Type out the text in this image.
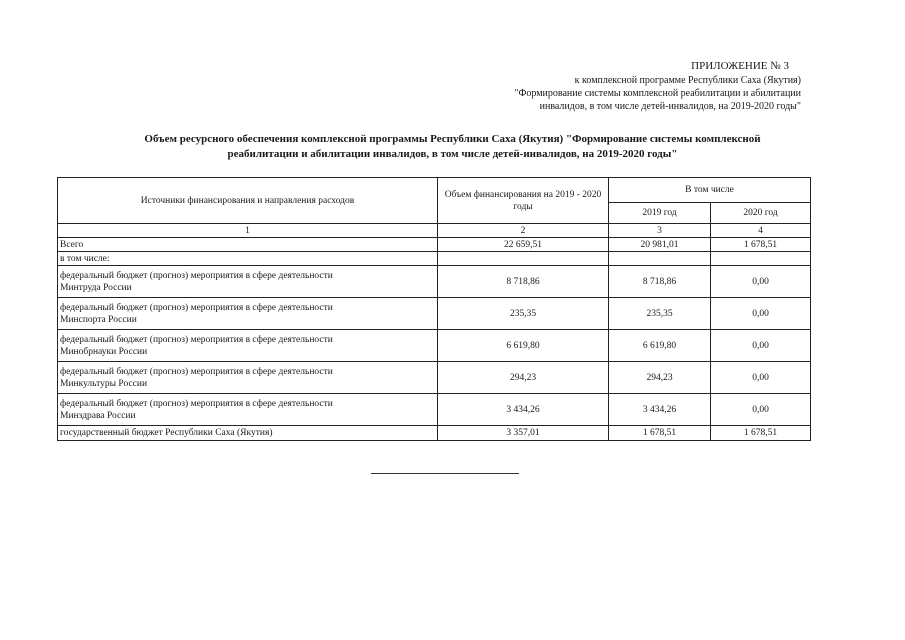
ПРИЛОЖЕНИЕ № 3
к комплексной программе Республики Саха (Якутия)
"Формирование системы комплексной реабилитации и абилитации
инвалидов, в том числе детей-инвалидов, на 2019-2020 годы"
Объем ресурсного обеспечения комплексной программы Республики Саха (Якутия) "Формирование системы комплексной
реабилитации и абилитации инвалидов, в том числе детей-инвалидов, на 2019-2020 годы"
Источники финансирования и направления расходов	Объем финансирования на 2019 - 2020 годы	В том числе	
		2019 год	2020 год
1	2	3	4
Всего	22 659,51	20 981,01	1 678,51
в том числе:			

федеральный бюджет (прогноз) мероприятия в сфере деятельности
Минтруда России	8 718,86	8 718,86	0,00

федеральный бюджет (прогноз) мероприятия в сфере деятельности
Минспорта России	235,35	235,35	0,00

федеральный бюджет (прогноз) мероприятия в сфере деятельности
Минобрнауки России	6 619,80	6 619,80	0,00

федеральный бюджет (прогноз) мероприятия в сфере деятельности
Минкультуры России	294,23	294,23	0,00

федеральный бюджет (прогноз) мероприятия в сфере деятельности
Минздрава России	3 434,26	3 434,26	0,00
государственный бюджет Республики Саха (Якутия)	3 357,01	1 678,51	1 678,51
